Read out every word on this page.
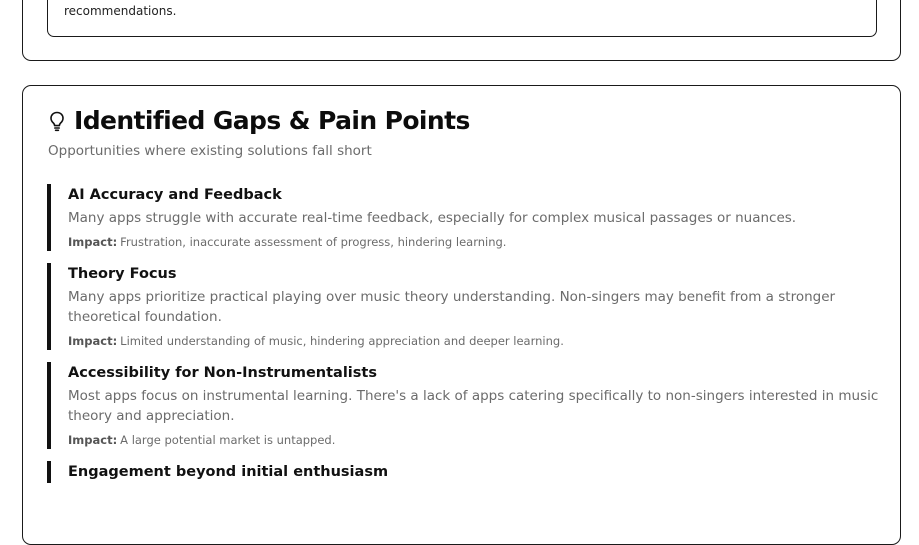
recommendations.
Identified Gaps & Pain Points
Opportunities where existing solutions fall short
AI Accuracy and Feedback
Many apps struggle with accurate real-time feedback, especially for complex musical passages or nuances.
Impact: Frustration, inaccurate assessment of progress, hindering learning.
Theory Focus
Many apps prioritize practical playing over music theory understanding. Non-singers may benefit from a stronger theoretical foundation.
Impact: Limited understanding of music, hindering appreciation and deeper learning.
Accessibility for Non-Instrumentalists
Most apps focus on instrumental learning. There's a lack of apps catering specifically to non-singers interested in music theory and appreciation.
Impact: A large potential market is untapped.
Engagement beyond initial enthusiasm
